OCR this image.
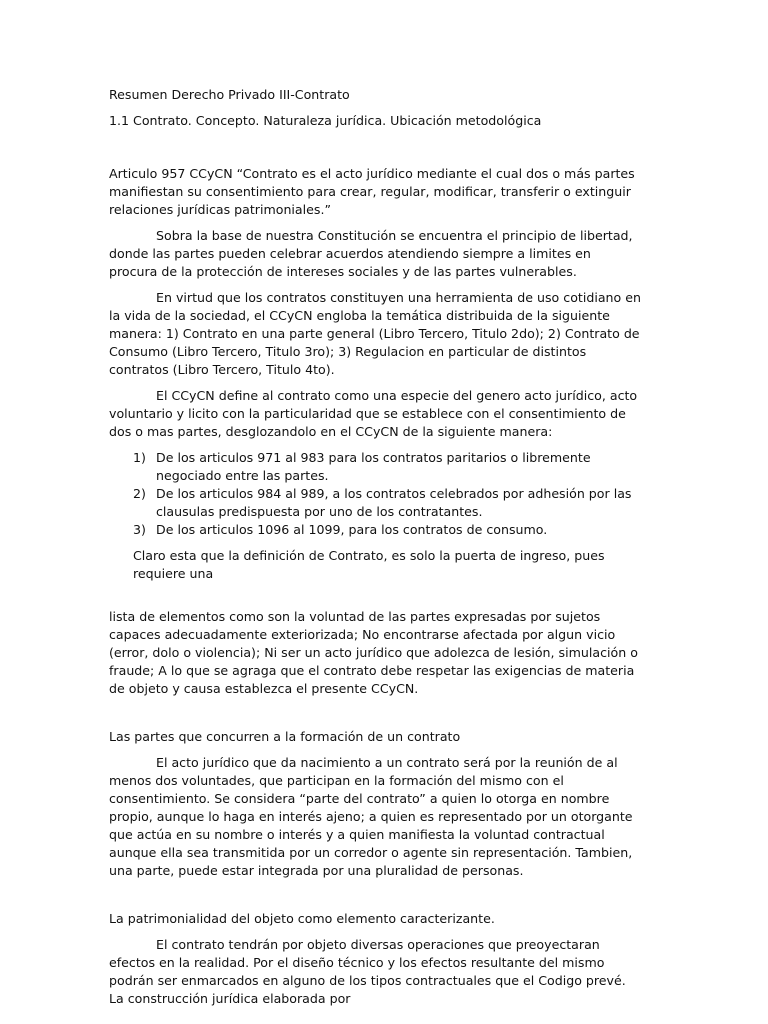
Resumen Derecho Privado III-Contrato

1.1 Contrato. Concepto. Naturaleza jurídica. Ubicación metodológica

Articulo 957 CCyCN “Contrato es el acto jurídico mediante el cual dos o más partes manifiestan su consentimiento para crear, regular, modificar, transferir o extinguir relaciones jurídicas patrimoniales.”

Sobra la base de nuestra Constitución se encuentra el principio de libertad, donde las partes pueden celebrar acuerdos atendiendo siempre a limites en procura de la protección de intereses sociales y de las partes vulnerables.

En virtud que los contratos constituyen una herramienta de uso cotidiano en la vida de la sociedad, el CCyCN engloba la temática distribuida de la siguiente manera: 1) Contrato en una parte general (Libro Tercero, Titulo 2do); 2) Contrato de Consumo (Libro Tercero, Titulo 3ro); 3) Regulacion en particular de distintos contratos (Libro Tercero, Titulo 4to).

El CCyCN define al contrato como una especie del genero acto jurídico, acto voluntario y licito con la particularidad que se establece con el consentimiento de dos o mas partes, desglozandolo en el CCyCN de la siguiente manera:

1) De los articulos 971 al 983 para los contratos paritarios o libremente negociado entre las partes.
2) De los articulos 984 al 989, a los contratos celebrados por adhesión por las clausulas predispuesta por uno de los contratantes.
3) De los articulos 1096 al 1099, para los contratos de consumo.

Claro esta que la definición de Contrato, es solo la puerta de ingreso, pues requiere una

lista de elementos como son la voluntad de las partes expresadas por sujetos capaces adecuadamente exteriorizada; No encontrarse afectada por algun vicio (error, dolo o violencia); Ni ser un acto jurídico que adolezca de lesión, simulación o fraude; A lo que se agraga que el contrato debe respetar las exigencias de materia de objeto y causa establezca el presente CCyCN.

Las partes que concurren a la formación de un contrato

El acto jurídico que da nacimiento a un contrato será por la reunión de al menos dos voluntades, que participan en la formación del mismo con el consentimiento. Se considera “parte del contrato” a quien lo otorga en nombre propio, aunque lo haga en interés ajeno; a quien es representado por un otorgante que actúa en su nombre o interés y a quien manifiesta la voluntad contractual aunque ella sea transmitida por un corredor o agente sin representación. Tambien, una parte, puede estar integrada por una pluralidad de personas.

La patrimonialidad del objeto como elemento caracterizante.

El contrato tendrán por objeto diversas operaciones que preoyectaran efectos en la realidad. Por el diseño técnico y los efectos resultante del mismo podrán ser enmarcados en alguno de los tipos contractuales que el Codigo prevé. La construcción jurídica elaborada por
